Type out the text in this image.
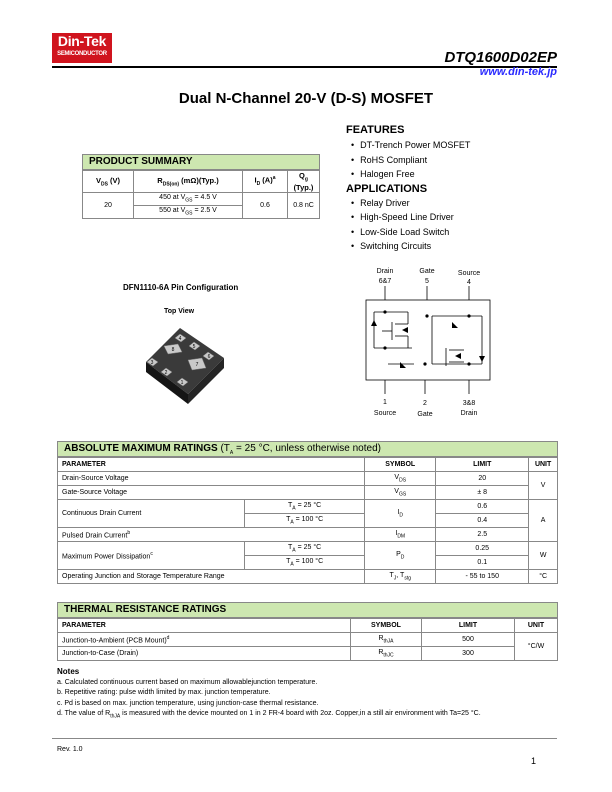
Din-Tek
SEMICONDUCTOR	DTQ1600D02EP
www.din-tek.jp
Dual N-Channel 20-V (D-S) MOSFET
FEATURES
• DT-Trench Power MOSFET
• RoHS Compliant
• Halogen Free
APPLICATIONS
• Relay Driver
• High-Speed Line Driver
• Low-Side Load Switch
• Switching Circuits
PRODUCT SUMMARY
$V_{DS}$ (V)	$R_{DS(on)}$ (mΩ)(Typ.)	$I_D$ $(A)^a$	$Q_g$ (Typ.)
20	450 at $V_{GS} = 4.5$ V	0.6	0.8 nC
	550 at $V_{GS} = 2.5$ V		
DFN1110-6A Pin Configuration
Top View
4
5
6
3
2
1
8
7
Drain
6&7
Gate
5
Source
4
1
Source
2
Gate
3&8
Drain
ABSOLUTE MAXIMUM RATINGS ($T_A = 25$ °C, unless otherwise noted)
PARAMETER		SYMBOL	LIMIT	UNIT
Drain-Source Voltage		$V_{DS}$	20	V
Gate-Source Voltage		$V_{GS}$	± 8	
Continuous Drain Current	$T_A = 25$ °C	$I_D$	0.6	A
	$T_A = 100$ °C		0.4	
Pulsed Drain Current$^b$		$I_{DM}$	2.5	
Maximum Power Dissipation$^c$	$T_A = 25$ °C	$P_D$	0.25	W
	$T_A = 100$ °C		0.1	
Operating Junction and Storage Temperature Range		$T_J$, $T_{stg}$	- 55 to 150	°C
THERMAL RESISTANCE RATINGS
PARAMETER	SYMBOL	LIMIT	UNIT
Junction-to-Ambient (PCB Mount)$^d$	$R_{thJA}$	500	°C/W
Junction-to-Case (Drain)	$R_{thJC}$	300	
Notes
a. Calculated continuous current based on maximum allowablejunction temperature.
b. Repetitive rating: pulse width limited by max. junction temperature.
c. Pd is based on max. junction temperature, using junction-case thermal resistance.
d. The value of $R_{thJA}$ is measured with the device mounted on 1 in 2 FR-4 board with 2oz. Copper,in a still air environment with Ta=25 °C.
Rev. 1.0
1
